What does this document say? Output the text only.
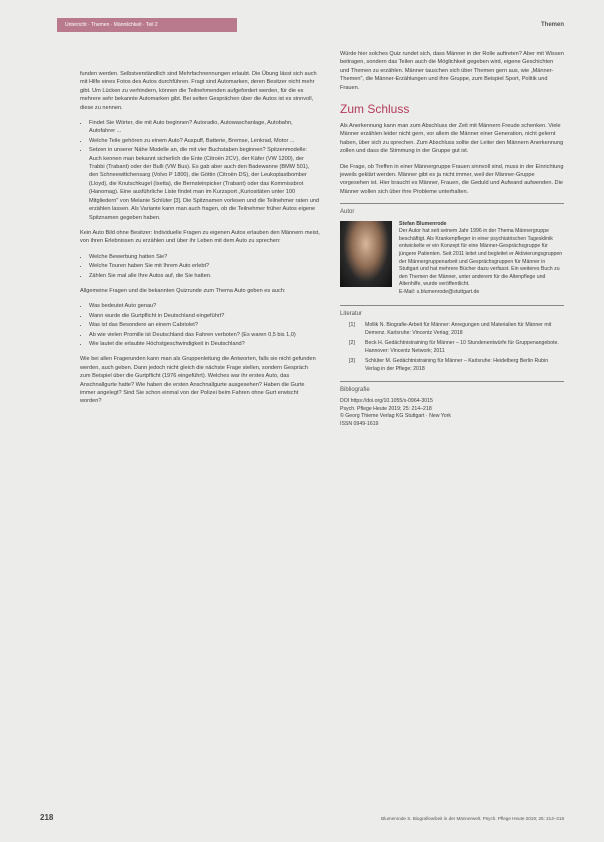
Unterricht · Themen · Männlichkeit · Teil 2	Themen

funden werden. Selbstverständlich sind Mehrfachnennungen erlaubt. Die Übung lässt sich auch mit Hilfe eines Fotos des Autos durchführen. Fragt sind Automarken, deren Besitzer nicht mehr gibt. Um Lücken zu verhindern, können die Teilnehmenden aufgefordert werden, für die es mehrere sehr bekannte Automarken gibt. Bei selten Gesprächen über die Autos ist es sinnvoll, diese zu nennen.

• Findet Sie Wörter, die mit Auto beginnen? Autoradio, Autowaschanlage, Autobahn, Autofahrer ...
• Welche Teile gehören zu einem Auto? Auspuff, Batterie, Bremse, Lenkrad, Motor ...
• Setzen in unserer Nähe Modelle an, die mit vier Buchstaben beginnen? Spitzenmodelle: Auch kennen man bekannt sicherlich die Ente (Citroën 2CV), der Käfer (VW 1200), der Trabbi (Trabant) oder der Bulli (VW Bus). Es gab aber auch den Badewanne (BMW 501), den Schneewittchensarg (Volvo P 1800), die Göttin (Citroën DS), der Leukoplastbomber (Lloyd), die Knutschkugel (Isetta), die Bernsteinpicker (Trabant) oder das Kommissbrot (Hanomag). Eine ausführliche Liste findet man im Kurzsport „Kuriositäten unter 100 Mitgliedern" von Melanie Schlüter [3]. Die Spitznamen vorlesen und die Teilnehmer raten und erzählen lassen. Als Variante kann man auch fragen, ob die Teilnehmer früher Autos eigene Spitznamen gegeben haben.

Kein Auto Bild ohne Besitzer: Individuelle Fragen zu eigenen Autos erlauben den Männern meist, von ihren Erlebnissen zu erzählen und über ihr Leben mit dem Auto zu sprechen:

• Welche Bewerbung hatten Sie?
• Welche Touren haben Sie mit Ihrem Auto erlebt?
• Zählen Sie mal alle Ihre Autos auf, die Sie hatten.

Allgemeine Fragen und die bekannten Quizrunde zum Thema Auto geben es auch:

• Was bedeutet Auto genau?
• Wann wurde die Gurtpflicht in Deutschland eingeführt?
• Was ist das Besondere an einem Cabriolet?
• Ab wie vielen Promille ist Deutschland das Fahren verboten? (Es waren 0,5 bis 1,0)
• Wie lautet die erlaubte Höchstgeschwindigkeit in Deutschland?

Wie bei allen Fragerunden kann man als Gruppenleitung die Antworten, falls sie nicht gefunden werden, auch geben. Dann jedoch nicht gleich die nächste Frage stellen, sondern Gespräch zum Beispiel über die Gurtpflicht (1976 eingeführt). Welches war ihr erstes Auto, das Anschnallgurte hatte? Wie haben die ersten Anschnallgurte ausgesehen? Haben die Gurte immer angelegt? Sind Sie schon einmal von der Polizei beim Fahren ohne Gurt erwischt worden?

Würde hier solches Quiz rundet sich, dass Männer in der Rolle auftreten? Aber mit Wissen beitragen, sondern das Teilen auch die Möglichkeit gegeben wird, eigene Geschichten und Themen zu erzählen. Männer tauschen sich über Themen gern aus, wie „Männer-Themen", die Männer-Erzählungen und ihre Gruppe, zum Beispiel Sport, Politik und Frauen.

Zum Schluss

Als Anerkennung kann man zum Abschluss der Zeit mit Männern Freude schenken. Viele Männer erzählen leider nicht gern, vor allem die Männer einer Generation, nicht gelernt haben, über sich zu sprechen. Zum Abschluss sollte der Leiter den Männern Anerkennung zollen und dass die Stimmung in der Gruppe gut ist.

Die Frage, ob Treffen in einer Männergruppe Frauen sinnvoll sind, muss in der Einrichtung jeweils geklärt werden. Männer gibt es ja nicht immer, weil der Männer-Gruppe vorgesehen ist. Hier braucht es Männer, Frauen, die Geduld und Aufwand aufwenden. Die Männer wollen sich über ihre Probleme unterhalten.

Autor
Stefan Blumenrode
Der Autor hat seit seinem Jahr 1996 in der Thema Männergruppe beschäftigt. Als Krankenpfleger in einer psychiatrischen Tagesklinik entwickelte er ein Konzept für eine Männer-Gesprächsgruppe für jüngere Patienten. Seit 2011 leitet und begleitet er Aktivierungsgruppen der Männergruppenarbeit und Gesprächsgruppen für Männer in Stuttgart und hat mehrere Bücher dazu verfasst. Ein weiteres Buch zu den Themen der Männer, unter anderem für die Altenpflege und Altenhilfe, wurde veröffentlicht.
E-Mail: s.blumenrode@stuttgart.de
Literatur
[1]	Mollik N. Biografie-Arbeit für Männer: Anregungen und Materialien für Männer mit Demenz. Karlsruhe: Vincentz Verlag; 2018
[2]	Beck H. Gedächtnistraining für Männer – 10 Stundenentwürfe für Gruppenangebote. Hannover: Vincentz Network; 2011
[3]	Schlüter M. Gedächtnistraining für Männer – Karlsruhe: Heidelberg Berlin Rubin Verlag in der Pflege; 2018
Bibliografie
DOI https://doi.org/10.1055/s-0964-3015
Psych. Pflege Heute 2019; 25: 214–218
© Georg Thieme Verlag KG Stuttgart · New York
ISSN 0949-1619
218	Blumenrode S. Biografiearbeit in der Männerwelt. Psych. Pflege Heute 2019; 25: 214–218
